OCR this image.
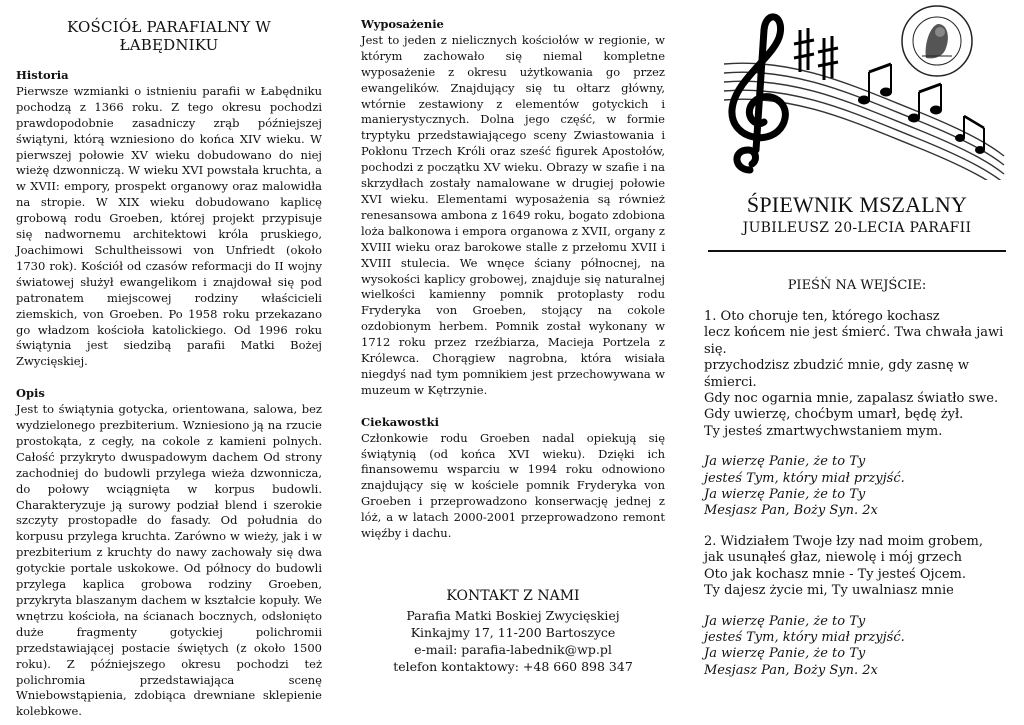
KOŚCIÓŁ PARAFIALNY W ŁABĘDNIKU

Historia

Pierwsze wzmianki o istnieniu parafii w Łabędniku pochodzą z 1366 roku. Z tego okresu pochodzi prawdopodobnie zasadniczy zrąb późniejszej świątyni, którą wzniesiono do końca XIV wieku. W pierwszej połowie XV wieku dobudowano do niej wieżę dzwonniczą. W wieku XVI powstała kruchta, a w XVII: empory, prospekt organowy oraz malowidła na stropie. W XIX wieku dobudowano kaplicę grobową rodu Groeben, której projekt przypisuje się nadwornemu architektowi króla pruskiego, Joachimowi Schultheissowi von Unfriedt (około 1730 rok). Kościół od czasów reformacji do II wojny światowej służył ewangelikom i znajdował się pod patronatem miejscowej rodziny właścicieli ziemskich, von Groeben. Po 1958 roku przekazano go władzom kościoła katolickiego. Od 1996 roku świątynia jest siedzibą parafii Matki Bożej Zwycięskiej.

Opis

Jest to świątynia gotycka, orientowana, salowa, bez wydzielonego prezbiterium. Wzniesiono ją na rzucie prostokąta, z cegły, na cokole z kamieni polnych. Całość przykryto dwuspadowym dachem Od strony zachodniej do budowli przylega wieża dzwonnicza, do połowy wciągnięta w korpus budowli. Charakteryzuje ją surowy podział blend i szerokie szczyty prostopadłe do fasady. Od południa do korpusu przylega kruchta. Zarówno w wieży, jak i w prezbiterium z kruchty do nawy zachowały się dwa gotyckie portale uskokowe. Od północy do budowli przylega kaplica grobowa rodziny Groeben, przykryta blaszanym dachem w kształcie kopuły. We wnętrzu kościoła, na ścianach bocznych, odsłonięto duże fragmenty gotyckiej polichromii przedstawiającej postacie świętych (z około 1500 roku). Z późniejszego okresu pochodzi też polichromia przedstawiająca scenę Wniebowstąpienia, zdobiąca drewniane sklepienie kolebkowe.

Wyposażenie

Jest to jeden z nielicznych kościołów w regionie, w którym zachowało się niemal kompletne wyposażenie z okresu użytkowania go przez ewangelików. Znajdujący się tu ołtarz główny, wtórnie zestawiony z elementów gotyckich i manierystycznych. Dolna jego część, w formie tryptyku przedstawiającego sceny Zwiastowania i Pokłonu Trzech Króli oraz sześć figurek Apostołów, pochodzi z początku XV wieku. Obrazy w szafie i na skrzydłach zostały namalowane w drugiej połowie XVI wieku. Elementami wyposażenia są również renesansowa ambona z 1649 roku, bogato zdobiona loża balkonowa i empora organowa z XVII, organy z XVIII wieku oraz barokowe stalle z przełomu XVII i XVIII stulecia. We wnęce ściany północnej, na wysokości kaplicy grobowej, znajduje się naturalnej wielkości kamienny pomnik protoplasty rodu Fryderyka von Groeben, stojący na cokole ozdobionym herbem. Pomnik został wykonany w 1712 roku przez rzeźbiarza, Macieja Portzela z Królewca. Chorągiew nagrobna, która wisiała niegdyś nad tym pomnikiem jest przechowywana w muzeum w Kętrzynie.

Ciekawostki

Członkowie rodu Groeben nadal opiekują się świątynią (od końca XVI wieku). Dzięki ich finansowemu wsparciu w 1994 roku odnowiono znajdujący się w kościele pomnik Fryderyka von Groeben i przeprowadzono konserwację jednej z lóż, a w latach 2000-2001 przeprowadzono remont więźby i dachu.

KONTAKT Z NAMI
Parafia Matki Boskiej Zwycięskiej
Kinkajmy 17, 11-200 Bartoszyce
e-mail: parafia-labednik@wp.pl
telefon kontaktowy: +48 660 898 347
ŚPIEWNIK MSZALNY
JUBILEUSZ 20-LECIA PARAFII
PIEŚŃ NA WEJŚCIE:

1. Oto choruje ten, którego kochasz

lecz końcem nie jest śmierć. Twa chwała jawi się.

przychodzisz zbudzić mnie, gdy zasnę w śmierci.

Gdy noc ogarnia mnie, zapalasz światło swe.

Gdy uwierzę, choćbym umarł, będę żył.

Ty jesteś zmartwychwstaniem mym.

Ja wierzę Panie, że to Ty

jesteś Tym, który miał przyjść.

Ja wierzę Panie, że to Ty

Mesjasz Pan, Boży Syn. 2x

2. Widziałem Twoje łzy nad moim grobem,

jak usunąłeś głaz, niewolę i mój grzech

Oto jak kochasz mnie - Ty jesteś Ojcem.

Ty dajesz życie mi, Ty uwalniasz mnie

Ja wierzę Panie, że to Ty

jesteś Tym, który miał przyjść.

Ja wierzę Panie, że to Ty

Mesjasz Pan, Boży Syn. 2x
